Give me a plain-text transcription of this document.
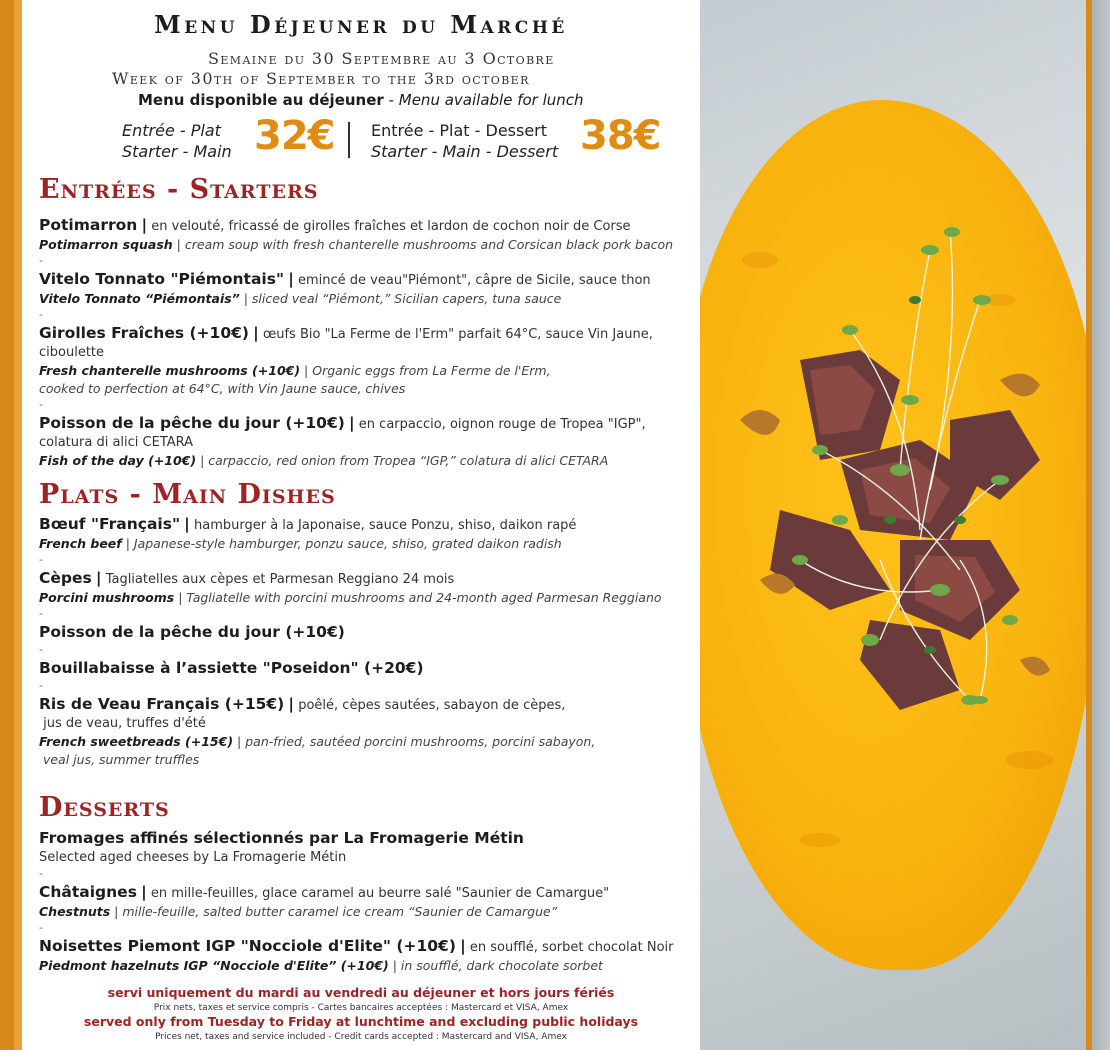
Menu Déjeuner du Marché
Semaine du 30 Septembre au 3 Octobre
Week of 30th of September to the 3rd october
Menu disponible au déjeuner - Menu available for lunch
Entrée - Plat
Starter - Main 32€ Entrée - Plat - Dessert
Starter - Main - Dessert 38€
Entrées - Starters
Potimarron | en velouté, fricassé de girolles fraîches et lardon de cochon noir de Corse
Potimarron squash | cream soup with fresh chanterelle mushrooms and Corsican black pork bacon
-
Vitelo Tonnato "Piémontais" | emincé de veau"Piémont", câpre de Sicile, sauce thon
Vitelo Tonnato “Piémontais” | sliced veal “Piémont,” Sicilian capers, tuna sauce
-
Girolles Fraîches (+10€) | œufs Bio "La Ferme de l'Erm" parfait 64°C, sauce Vin Jaune,
ciboulette
Fresh chanterelle mushrooms (+10€) | Organic eggs from La Ferme de l'Erm,
cooked to perfection at 64°C, with Vin Jaune sauce, chives
-
Poisson de la pêche du jour (+10€) | en carpaccio, oignon rouge de Tropea "IGP",
colatura di alici CETARA
Fish of the day (+10€) | carpaccio, red onion from Tropea “IGP,” colatura di alici CETARA
Plats - Main Dishes
Bœuf "Français" | hamburger à la Japonaise, sauce Ponzu, shiso, daikon rapé
French beef | Japanese-style hamburger, ponzu sauce, shiso, grated daikon radish
-
Cèpes | Tagliatelles aux cèpes et Parmesan Reggiano 24 mois
Porcini mushrooms | Tagliatelle with porcini mushrooms and 24-month aged Parmesan Reggiano
-
Poisson de la pêche du jour (+10€)
-
Bouillabaisse à l’assiette "Poseidon" (+20€)
-
Ris de Veau Français (+15€) | poêlé, cèpes sautées, sabayon de cèpes,
jus de veau, truffes d'été
French sweetbreads (+15€) | pan-fried, sautéed porcini mushrooms, porcini sabayon,
veal jus, summer truffles
Desserts
Fromages affinés sélectionnés par La Fromagerie Métin
Selected aged cheeses by La Fromagerie Métin
-
Châtaignes | en mille-feuilles, glace caramel au beurre salé "Saunier de Camargue"
Chestnuts | mille-feuille, salted butter caramel ice cream “Saunier de Camargue”
-
Noisettes Piemont IGP "Nocciole d'Elite" (+10€) | en soufflé, sorbet chocolat Noir
Piedmont hazelnuts IGP “Nocciole d'Elite” (+10€) | in soufflé, dark chocolate sorbet
servi uniquement du mardi au vendredi au déjeuner et hors jours fériés
Prix nets, taxes et service compris - Cartes bancaires acceptées : Mastercard et VISA, Amex
served only from Tuesday to Friday at lunchtime and excluding public holidays
Prices net, taxes and service included - Credit cards accepted : Mastercard and VISA, Amex
